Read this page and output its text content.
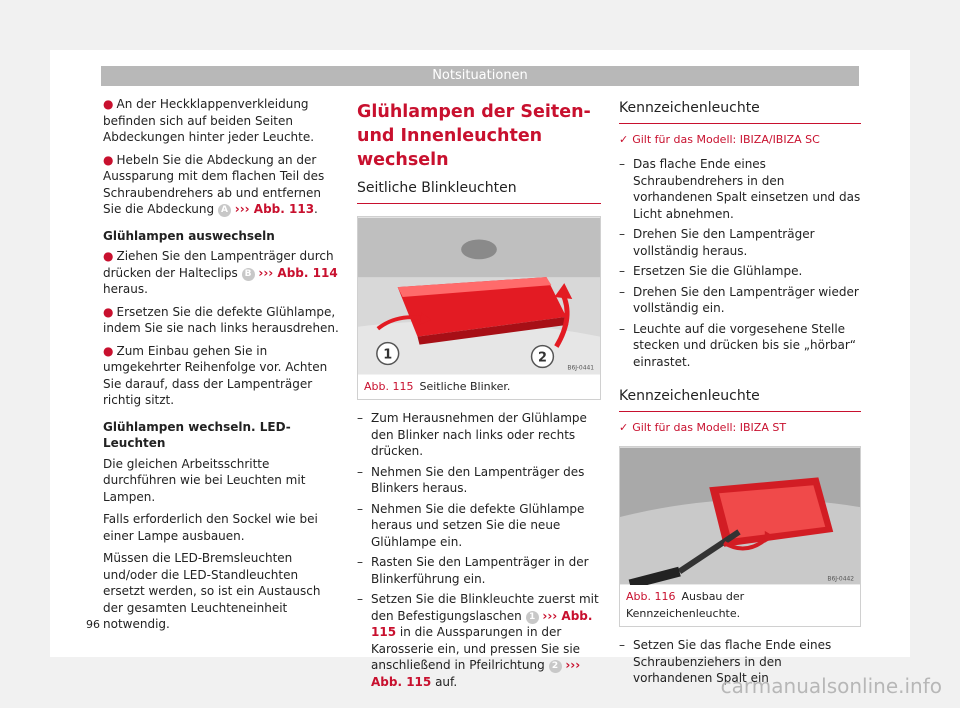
Notsituationen

● An der Heckklappenverkleidung befinden sich auf beiden Seiten Abdeckungen hinter jeder Leuchte.

● Hebeln Sie die Abdeckung an der Aussparung mit dem flachen Teil des Schraubendrehers ab und entfernen Sie die Abdeckung A ››› Abb. 113.

Glühlampen auswechseln

● Ziehen Sie den Lampenträger durch drücken der Halteclips B ››› Abb. 114 heraus.

● Ersetzen Sie die defekte Glühlampe, indem Sie sie nach links herausdrehen.

● Zum Einbau gehen Sie in umgekehrter Reihenfolge vor. Achten Sie darauf, dass der Lampenträger richtig sitzt.

Glühlampen wechseln. LED-Leuchten

Die gleichen Arbeitsschritte durchführen wie bei Leuchten mit Lampen.

Falls erforderlich den Sockel wie bei einer Lampe ausbauen.

Müssen die LED-Bremsleuchten und/oder die LED-Standleuchten ersetzt werden, so ist ein Austausch der gesamten Leuchteneinheit notwendig.

Glühlampen der Seiten- und Innenleuchten wechseln
Seitliche Blinkleuchten
1	2
B6J-0441
Abb. 115 Seitliche Blinker.
– Zum Herausnehmen der Glühlampe den Blinker nach links oder rechts drücken.
– Nehmen Sie den Lampenträger des Blinkers heraus.
– Nehmen Sie die defekte Glühlampe heraus und setzen Sie die neue Glühlampe ein.
– Rasten Sie den Lampenträger in der Blinkerführung ein.
– Setzen Sie die Blinkleuchte zuerst mit den Befestigungslaschen 1 ››› Abb. 115 in die Aussparungen in der Karosserie ein, und pressen Sie sie anschließend in Pfeilrichtung 2 ››› Abb. 115 auf.
Kennzeichenleuchte
✓ Gilt für das Modell: IBIZA/IBIZA SC
– Das flache Ende eines Schraubendrehers in den vorhandenen Spalt einsetzen und das Licht abnehmen.
– Drehen Sie den Lampenträger vollständig heraus.
– Ersetzen Sie die Glühlampe.
– Drehen Sie den Lampenträger wieder vollständig ein.
– Leuchte auf die vorgesehene Stelle stecken und drücken bis sie „hörbar“ einrastet.
Kennzeichenleuchte
✓ Gilt für das Modell: IBIZA ST
B6J-0442
Abb. 116 Ausbau der Kennzeichenleuchte.
– Setzen Sie das flache Ende eines Schraubenziehers in den vorhandenen Spalt ein
96
carmanualsonline.info
